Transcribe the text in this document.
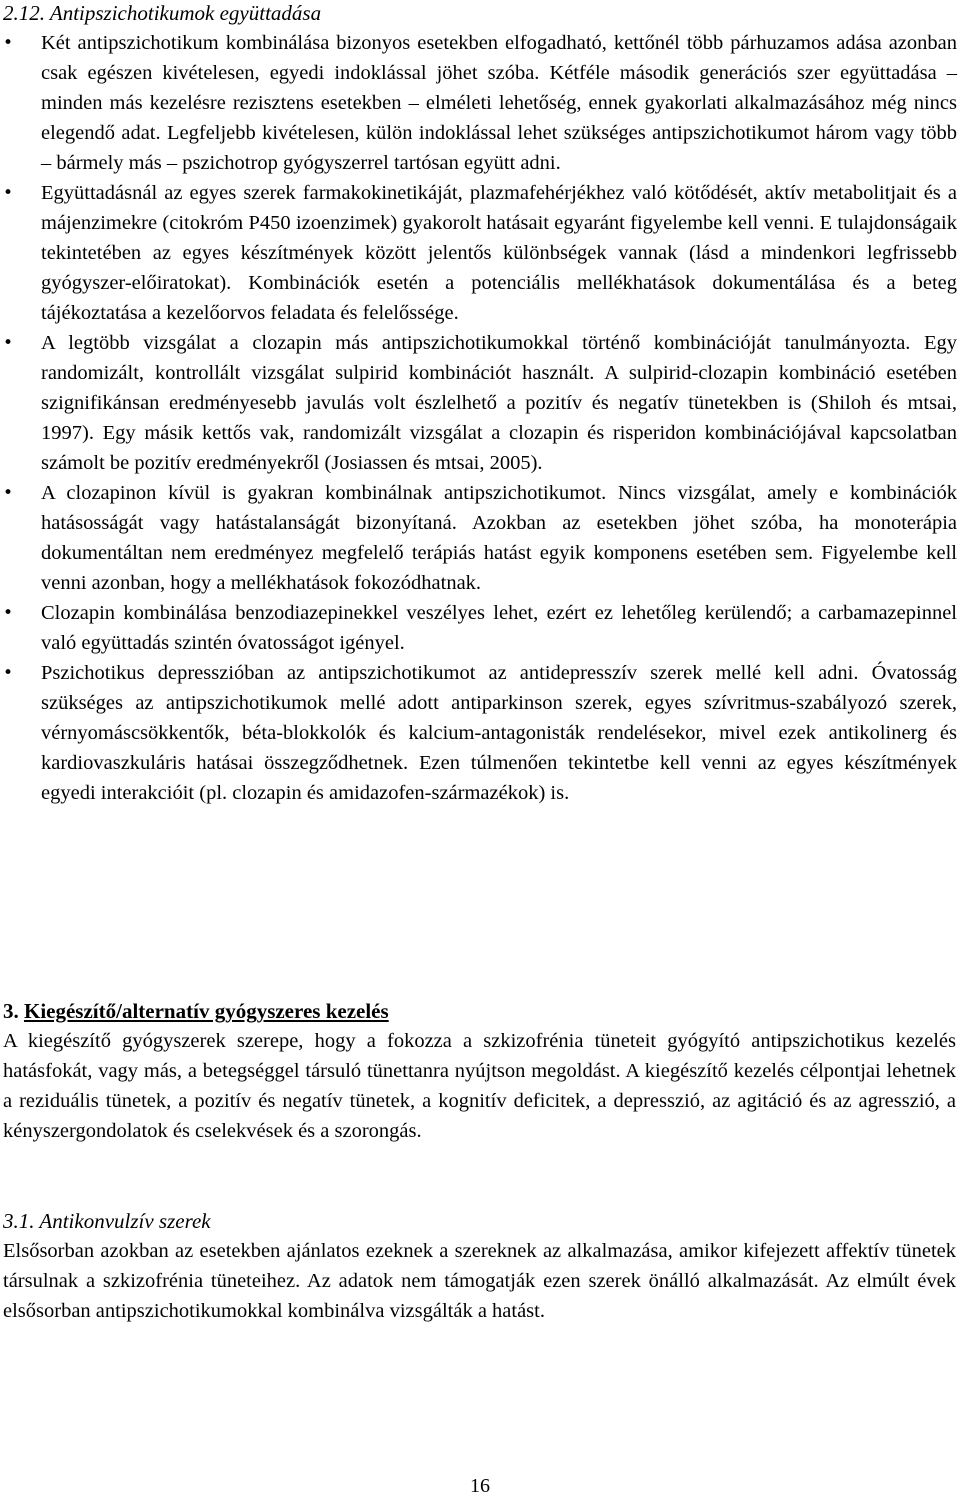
2.12. Antipszichotikumok együttadása
•	Két antipszichotikum kombinálása bizonyos esetekben elfogadható, kettőnél több párhuzamos adása azonban csak egészen kivételesen, egyedi indoklással jöhet szóba. Kétféle második generációs szer együttadása – minden más kezelésre rezisztens esetekben – elméleti lehetőség, ennek gyakorlati alkalmazásához még nincs elegendő adat. Legfeljebb kivételesen, külön indoklással lehet szükséges antipszichotikumot három vagy több – bármely más – pszichotrop gyógyszerrel tartósan együtt adni.

•	Együttadásnál az egyes szerek farmakokinetikáját, plazmafehérjékhez való kötődését, aktív metabolitjait és a májenzimekre (citokróm P450 izoenzimek) gyakorolt hatásait egyaránt figyelembe kell venni. E tulajdonságaik tekintetében az egyes készítmények között jelentős különbségek vannak (lásd a mindenkori legfrissebb gyógyszer-előiratokat). Kombinációk esetén a potenciális mellékhatások dokumentálása és a beteg tájékoztatása a kezelőorvos feladata és felelőssége.

•	A legtöbb vizsgálat a clozapin más antipszichotikumokkal történő kombinációját tanulmányozta. Egy randomizált, kontrollált vizsgálat sulpirid kombinációt használt. A sulpirid-clozapin kombináció esetében szignifikánsan eredményesebb javulás volt észlelhető a pozitív és negatív tünetekben is (Shiloh és mtsai, 1997). Egy másik kettős vak, randomizált vizsgálat a clozapin és risperidon kombinációjával kapcsolatban számolt be pozitív eredményekről (Josiassen és mtsai, 2005).

•	A clozapinon kívül is gyakran kombinálnak antipszichotikumot. Nincs vizsgálat, amely e kombinációk hatásosságát vagy hatástalanságát bizonyítaná. Azokban az esetekben jöhet szóba, ha monoterápia dokumentáltan nem eredményez megfelelő terápiás hatást egyik komponens esetében sem. Figyelembe kell venni azonban, hogy a mellékhatások fokozódhatnak.

•	Clozapin kombinálása benzodiazepinekkel veszélyes lehet, ezért ez lehetőleg kerülendő; a carbamazepinnel való együttadás szintén óvatosságot igényel.

•	Pszichotikus depresszióban az antipszichotikumot az antidepresszív szerek mellé kell adni. Óvatosság szükséges az antipszichotikumok mellé adott antiparkinson szerek, egyes szívritmus-szabályozó szerek, vérnyomáscsökkentők, béta-blokkolók és kalcium-antagonisták rendelésekor, mivel ezek antikolinerg és kardiovaszkuláris hatásai összegződhetnek. Ezen túlmenően tekintetbe kell venni az egyes készítmények egyedi interakcióit (pl. clozapin és amidazofen-származékok) is.

3. Kiegészítő/alternatív gyógyszeres kezelés

A kiegészítő gyógyszerek szerepe, hogy a fokozza a szkizofrénia tüneteit gyógyító antipszichotikus kezelés hatásfokát, vagy más, a betegséggel társuló tünettanra nyújtson megoldást. A kiegészítő kezelés célpontjai lehetnek a reziduális tünetek, a pozitív és negatív tünetek, a kognitív deficitek, a depresszió, az agitáció és az agresszió, a kényszergondolatok és cselekvések és a szorongás.

3.1. Antikonvulzív szerek

Elsősorban azokban az esetekben ajánlatos ezeknek a szereknek az alkalmazása, amikor kifejezett affektív tünetek társulnak a szkizofrénia tüneteihez. Az adatok nem támogatják ezen szerek önálló alkalmazását. Az elmúlt évek elsősorban antipszichotikumokkal kombinálva vizsgálták a hatást.

16
